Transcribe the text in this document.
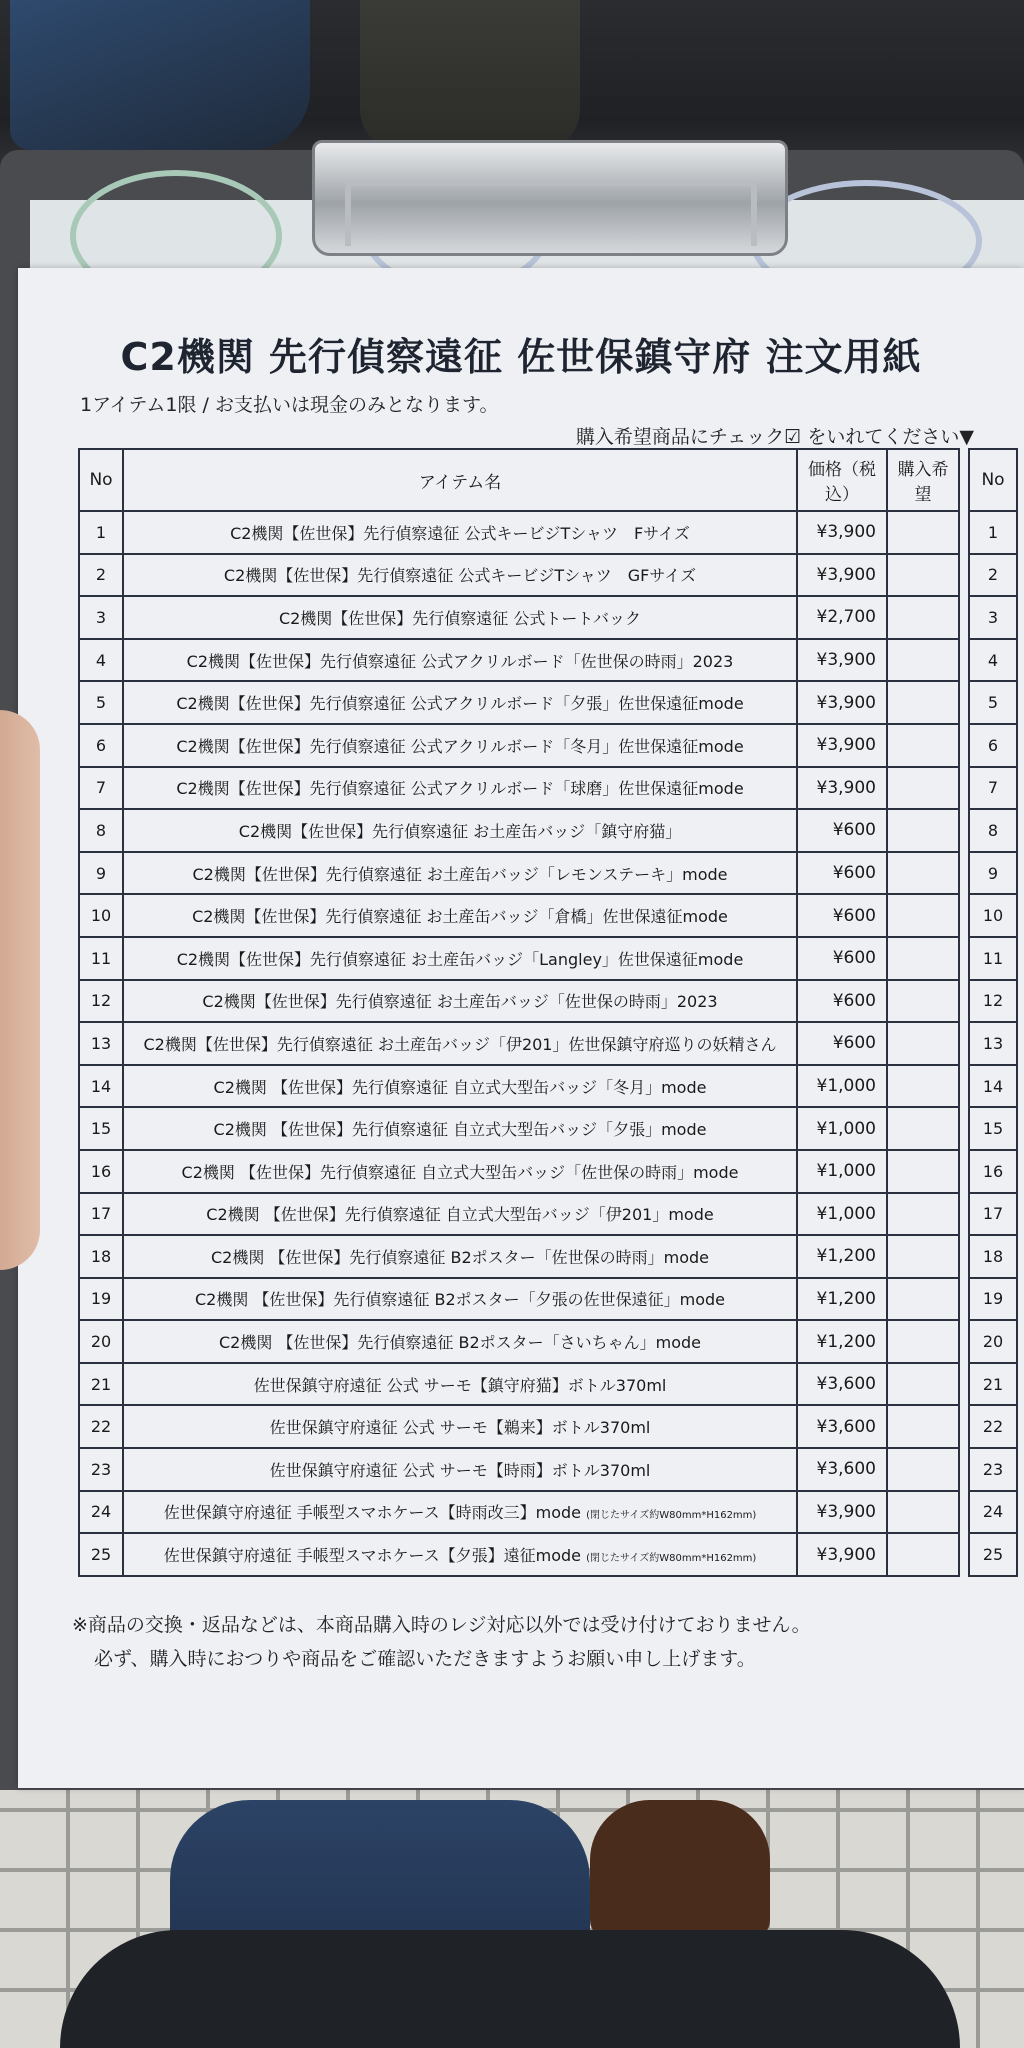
C2機関 先行偵察遠征 佐世保鎮守府 注文用紙
1アイテム1限 / お支払いは現金のみとなります。
購入希望商品にチェック☑ をいれてください▼
No	アイテム名	価格（税込）	購入希望		No
1	C2機関【佐世保】先行偵察遠征 公式キービジTシャツ　Fサイズ	¥3,900			1
2	C2機関【佐世保】先行偵察遠征 公式キービジTシャツ　GFサイズ	¥3,900			2
3	C2機関【佐世保】先行偵察遠征 公式トートバック	¥2,700			3
4	C2機関【佐世保】先行偵察遠征 公式アクリルボード「佐世保の時雨」2023	¥3,900			4
5	C2機関【佐世保】先行偵察遠征 公式アクリルボード「夕張」佐世保遠征mode	¥3,900			5
6	C2機関【佐世保】先行偵察遠征 公式アクリルボード「冬月」佐世保遠征mode	¥3,900			6
7	C2機関【佐世保】先行偵察遠征 公式アクリルボード「球磨」佐世保遠征mode	¥3,900			7
8	C2機関【佐世保】先行偵察遠征 お土産缶バッジ「鎮守府猫」	¥600			8
9	C2機関【佐世保】先行偵察遠征 お土産缶バッジ「レモンステーキ」mode	¥600			9
10	C2機関【佐世保】先行偵察遠征 お土産缶バッジ「倉橋」佐世保遠征mode	¥600			10
11	C2機関【佐世保】先行偵察遠征 お土産缶バッジ「Langley」佐世保遠征mode	¥600			11
12	C2機関【佐世保】先行偵察遠征 お土産缶バッジ「佐世保の時雨」2023	¥600			12
13	C2機関【佐世保】先行偵察遠征 お土産缶バッジ「伊201」佐世保鎮守府巡りの妖精さん	¥600			13
14	C2機関 【佐世保】先行偵察遠征 自立式大型缶バッジ「冬月」mode	¥1,000			14
15	C2機関 【佐世保】先行偵察遠征 自立式大型缶バッジ「夕張」mode	¥1,000			15
16	C2機関 【佐世保】先行偵察遠征 自立式大型缶バッジ「佐世保の時雨」mode	¥1,000			16
17	C2機関 【佐世保】先行偵察遠征 自立式大型缶バッジ「伊201」mode	¥1,000			17
18	C2機関 【佐世保】先行偵察遠征 B2ポスター「佐世保の時雨」mode	¥1,200			18
19	C2機関 【佐世保】先行偵察遠征 B2ポスター「夕張の佐世保遠征」mode	¥1,200			19
20	C2機関 【佐世保】先行偵察遠征 B2ポスター「さいちゃん」mode	¥1,200			20
21	佐世保鎮守府遠征 公式 サーモ【鎮守府猫】ボトル370ml	¥3,600			21
22	佐世保鎮守府遠征 公式 サーモ【鵜来】ボトル370ml	¥3,600			22
23	佐世保鎮守府遠征 公式 サーモ【時雨】ボトル370ml	¥3,600			23
24	佐世保鎮守府遠征 手帳型スマホケース【時雨改三】mode (閉じたサイズ約W80mm*H162mm)	¥3,900			24
25	佐世保鎮守府遠征 手帳型スマホケース【夕張】遠征mode (閉じたサイズ約W80mm*H162mm)	¥3,900			25
※商品の交換・返品などは、本商品購入時のレジ対応以外では受け付けておりません。
必ず、購入時におつりや商品をご確認いただきますようお願い申し上げます。
